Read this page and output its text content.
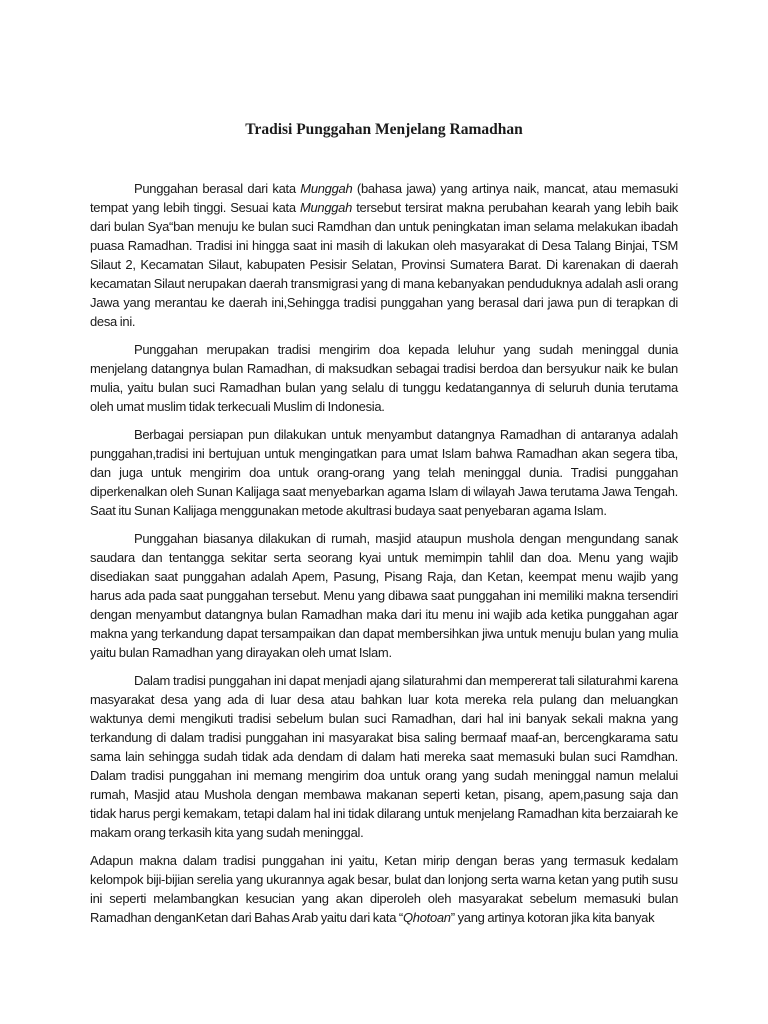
Tradisi Punggahan Menjelang Ramadhan

Punggahan berasal dari kata Munggah (bahasa jawa) yang artinya naik, mancat, atau memasuki tempat yang lebih tinggi. Sesuai kata Munggah tersebut tersirat makna perubahan kearah yang lebih baik dari bulan Sya“ban menuju ke bulan suci Ramdhan dan untuk peningkatan iman selama melakukan ibadah puasa Ramadhan. Tradisi ini hingga saat ini masih di lakukan oleh masyarakat di Desa Talang Binjai, TSM Silaut 2, Kecamatan Silaut, kabupaten Pesisir Selatan, Provinsi Sumatera Barat. Di karenakan di daerah kecamatan Silaut nerupakan daerah transmigrasi yang di mana kebanyakan penduduknya adalah asli orang Jawa yang merantau ke daerah ini,Sehingga tradisi punggahan yang berasal dari jawa pun di terapkan di desa ini.

Punggahan merupakan tradisi mengirim doa kepada leluhur yang sudah meninggal dunia menjelang datangnya bulan Ramadhan, di maksudkan sebagai tradisi berdoa dan bersyukur naik ke bulan mulia, yaitu bulan suci Ramadhan bulan yang selalu di tunggu kedatangannya di seluruh dunia terutama oleh umat muslim tidak terkecuali Muslim di Indonesia.

Berbagai persiapan pun dilakukan untuk menyambut datangnya Ramadhan di antaranya adalah punggahan,tradisi ini bertujuan untuk mengingatkan para umat Islam bahwa Ramadhan akan segera tiba, dan juga untuk mengirim doa untuk orang-orang yang telah meninggal dunia. Tradisi punggahan diperkenalkan oleh Sunan Kalijaga saat menyebarkan agama Islam di wilayah Jawa terutama Jawa Tengah. Saat itu Sunan Kalijaga menggunakan metode akultrasi budaya saat penyebaran agama Islam.

Punggahan biasanya dilakukan di rumah, masjid ataupun mushola dengan mengundang sanak saudara dan tentangga sekitar serta seorang kyai untuk memimpin tahlil dan doa. Menu yang wajib disediakan saat punggahan adalah Apem, Pasung, Pisang Raja, dan Ketan, keempat menu wajib yang harus ada pada saat punggahan tersebut. Menu yang dibawa saat punggahan ini memiliki makna tersendiri dengan menyambut datangnya bulan Ramadhan maka dari itu menu ini wajib ada ketika punggahan agar makna yang terkandung dapat tersampaikan dan dapat membersihkan jiwa untuk menuju bulan yang mulia yaitu bulan Ramadhan yang dirayakan oleh umat Islam.

Dalam tradisi punggahan ini dapat menjadi ajang silaturahmi dan mempererat tali silaturahmi karena masyarakat desa yang ada di luar desa atau bahkan luar kota mereka rela pulang dan meluangkan waktunya demi mengikuti tradisi sebelum bulan suci Ramadhan, dari hal ini banyak sekali makna yang terkandung di dalam tradisi punggahan ini masyarakat bisa saling bermaaf maaf-an, bercengkaramа satu sama lain sehingga sudah tidak ada dendam di dalam hati mereka saat memasuki bulan suci Ramdhan. Dalam tradisi punggahan ini memang mengirim doa untuk orang yang sudah meninggal namun melalui rumah, Masjid atau Mushola dengan membawa makanan seperti ketan, pisang, apem,pasung saja dan tidak harus pergi kemakam, tetapi dalam hal ini tidak dilarang untuk menjelang Ramadhan kita berzaiarah ke makam orang terkasih kita yang sudah meninggal.

Adapun makna dalam tradisi punggahan ini yaitu, Ketan mirip dengan beras yang termasuk kedalam kelompok biji-bijian serelia yang ukurannya agak besar, bulat dan lonjong serta warna ketan yang putih susu ini seperti melambangkan kesucian yang akan diperoleh oleh masyarakat sebelum memasuki bulan Ramadhan denganKetan dari Bahas Arab yaitu dari kata “Qhotoan” yang artinya kotoran jika kita banyak
